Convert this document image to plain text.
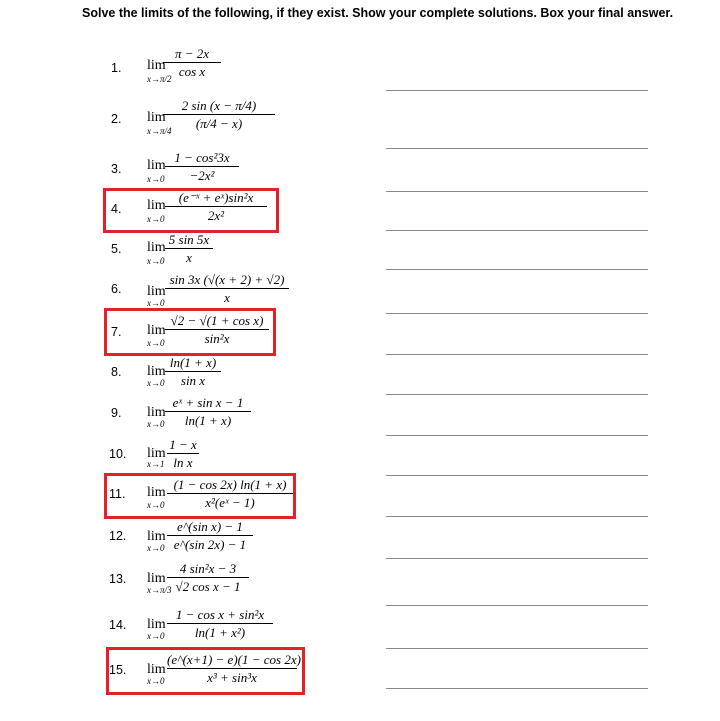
Solve the limits of the following, if they exist. Show your complete solutions. Box your final answer.
1. lim
x→π/2
π − 2x
cos x
2. lim
x→π/4
2 sin (x − π/4)
(π/4 − x)
3. lim
x→0
1 − cos²3x
−2x²
4. lim
x→0
(e⁻ˣ + eˣ)sin²x
2x²
5. lim
x→0
5 sin 5x
x
6. lim
x→0
sin 3x (√(x + 2) + √2)
x
7. lim
x→0
√2 − √(1 + cos x)
sin²x
8. lim
x→0
ln(1 + x)
sin x
9. lim
x→0
eˣ + sin x − 1
ln(1 + x)
10. lim
x→1
1 − x
ln x
11. lim
x→0
(1 − cos 2x) ln(1 + x)
x²(eˣ − 1)
12. lim
x→0
e^(sin x) − 1
e^(sin 2x) − 1
13. lim
x→π/3
4 sin²x − 3
√2 cos x − 1
14. lim
x→0
1 − cos x + sin²x
ln(1 + x²)
15. lim
x→0
(e^(x+1) − e)(1 − cos 2x)
x³ + sin³x
